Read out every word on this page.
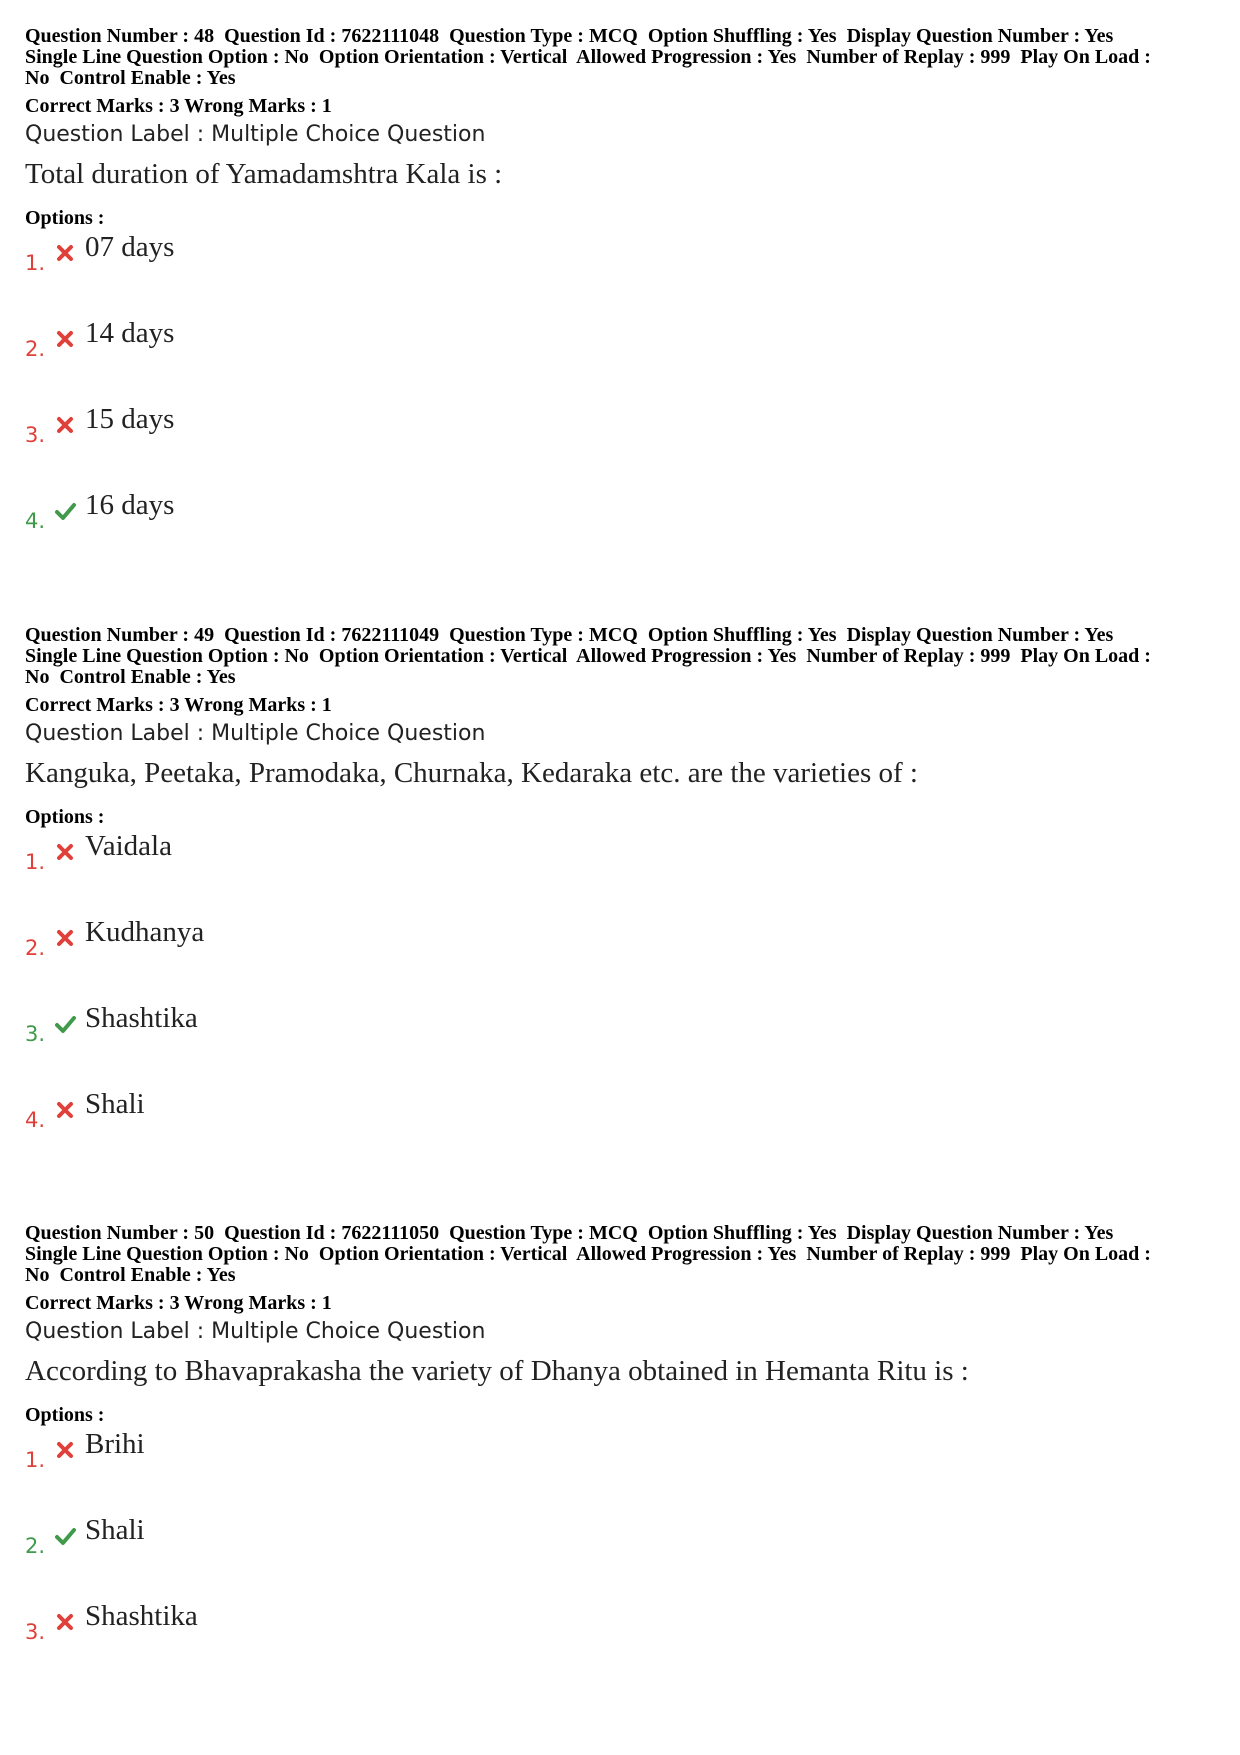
Question Number : 48  Question Id : 7622111048  Question Type : MCQ  Option Shuffling : Yes  Display Question Number : Yes
Single Line Question Option : No  Option Orientation : Vertical  Allowed Progression : Yes  Number of Replay : 999  Play On Load :
No  Control Enable : Yes
Correct Marks : 3 Wrong Marks : 1
Question Label : Multiple Choice Question
Total duration of Yamadamshtra Kala is :
Options :
1. 07 days
2. 14 days
3. 15 days
4. 16 days
Question Number : 49  Question Id : 7622111049  Question Type : MCQ  Option Shuffling : Yes  Display Question Number : Yes
Single Line Question Option : No  Option Orientation : Vertical  Allowed Progression : Yes  Number of Replay : 999  Play On Load :
No  Control Enable : Yes
Correct Marks : 3 Wrong Marks : 1
Question Label : Multiple Choice Question
Kanguka, Peetaka, Pramodaka, Churnaka, Kedaraka etc. are the varieties of :
Options :
1. Vaidala
2. Kudhanya
3. Shashtika
4. Shali
Question Number : 50  Question Id : 7622111050  Question Type : MCQ  Option Shuffling : Yes  Display Question Number : Yes
Single Line Question Option : No  Option Orientation : Vertical  Allowed Progression : Yes  Number of Replay : 999  Play On Load :
No  Control Enable : Yes
Correct Marks : 3 Wrong Marks : 1
Question Label : Multiple Choice Question
According to Bhavaprakasha the variety of Dhanya obtained in Hemanta Ritu is :
Options :
1. Brihi
2. Shali
3. Shashtika
